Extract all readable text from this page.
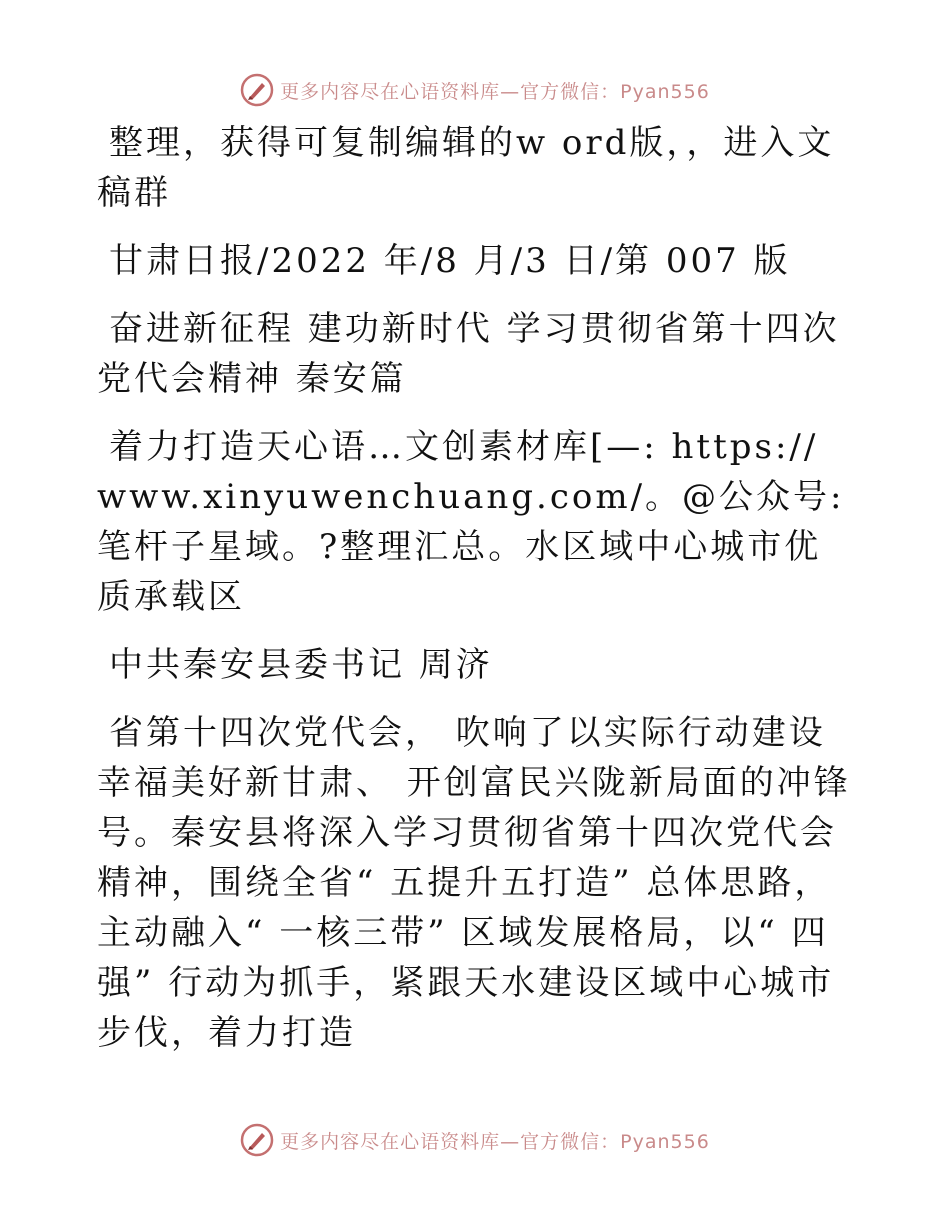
更多内容尽在心语资料库—官方微信：Pyan556

整理，获得可复制编辑的w ord版，，进入文稿群

甘肃日报/2022 年/8 月/3 日/第 007 版

奋进新征程 建功新时代 学习贯彻省第十四次党代会精神 秦安篇

着力打造天心语…文创素材库[—: https:// www.xinyuwenchuang.com/。@公众号: 笔杆子星域。?整理汇总。水区域中心城市优质承载区

中共秦安县委书记 周济

省第十四次党代会， 吹响了以实际行动建设幸福美好新甘肃、 开创富民兴陇新局面的冲锋号。秦安县将深入学习贯彻省第十四次党代会精神，围绕全省“ 五提升五打造” 总体思路，主动融入“ 一核三带” 区域发展格局，以“ 四强” 行动为抓手，紧跟天水建设区域中心城市步伐，着力打造

更多内容尽在心语资料库—官方微信：Pyan556
